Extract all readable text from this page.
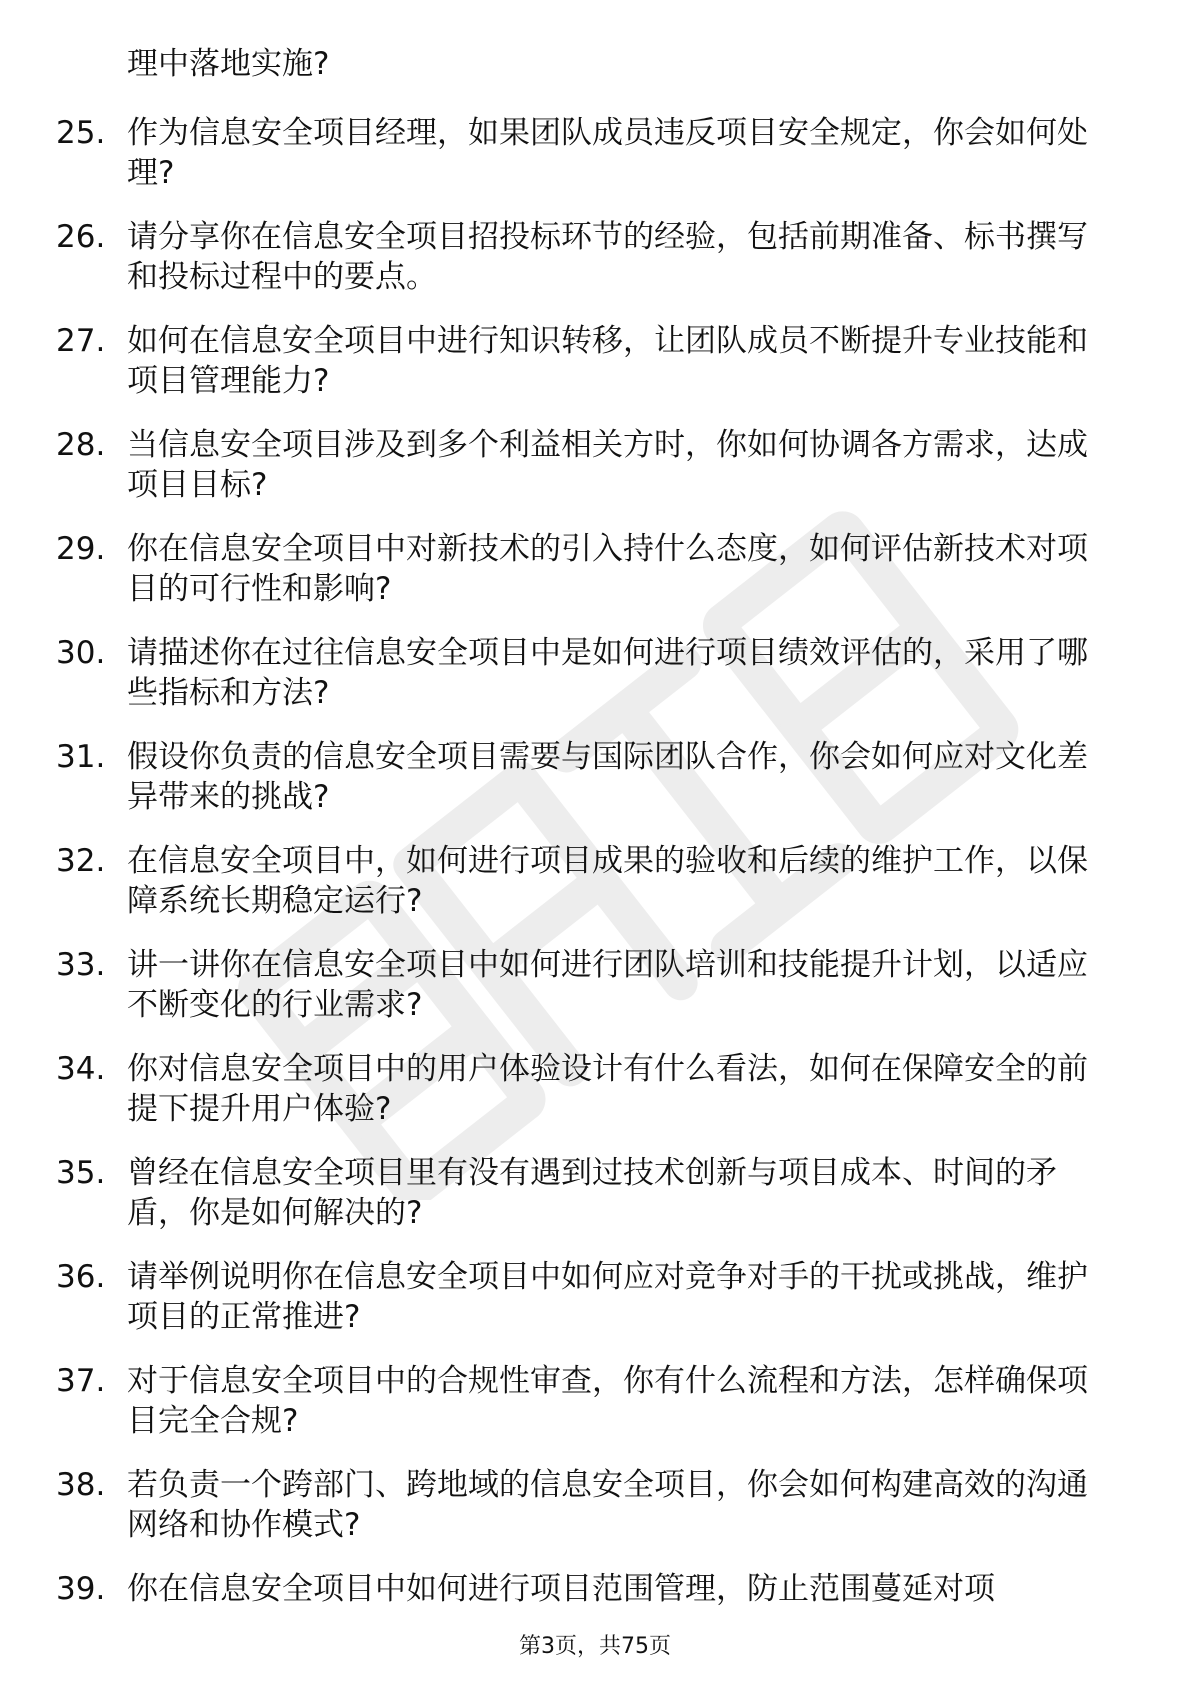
理中落地实施?
25. 作为信息安全项目经理，如果团队成员违反项目安全规定，你会如何处理?
26. 请分享你在信息安全项目招投标环节的经验，包括前期准备、标书撰写和投标过程中的要点。
27. 如何在信息安全项目中进行知识转移，让团队成员不断提升专业技能和项目管理能力?
28. 当信息安全项目涉及到多个利益相关方时，你如何协调各方需求，达成项目目标?
29. 你在信息安全项目中对新技术的引入持什么态度，如何评估新技术对项目的可行性和影响?
30. 请描述你在过往信息安全项目中是如何进行项目绩效评估的，采用了哪些指标和方法?
31. 假设你负责的信息安全项目需要与国际团队合作，你会如何应对文化差异带来的挑战?
32. 在信息安全项目中，如何进行项目成果的验收和后续的维护工作，以保障系统长期稳定运行?
33. 讲一讲你在信息安全项目中如何进行团队培训和技能提升计划，以适应不断变化的行业需求?
34. 你对信息安全项目中的用户体验设计有什么看法，如何在保障安全的前提下提升用户体验?
35. 曾经在信息安全项目里有没有遇到过技术创新与项目成本、时间的矛盾，你是如何解决的?
36. 请举例说明你在信息安全项目中如何应对竞争对手的干扰或挑战，维护项目的正常推进?
37. 对于信息安全项目中的合规性审查，你有什么流程和方法，怎样确保项目完全合规?
38. 若负责一个跨部门、跨地域的信息安全项目，你会如何构建高效的沟通网络和协作模式?
39. 你在信息安全项目中如何进行项目范围管理，防止范围蔓延对项
第3页，共75页
